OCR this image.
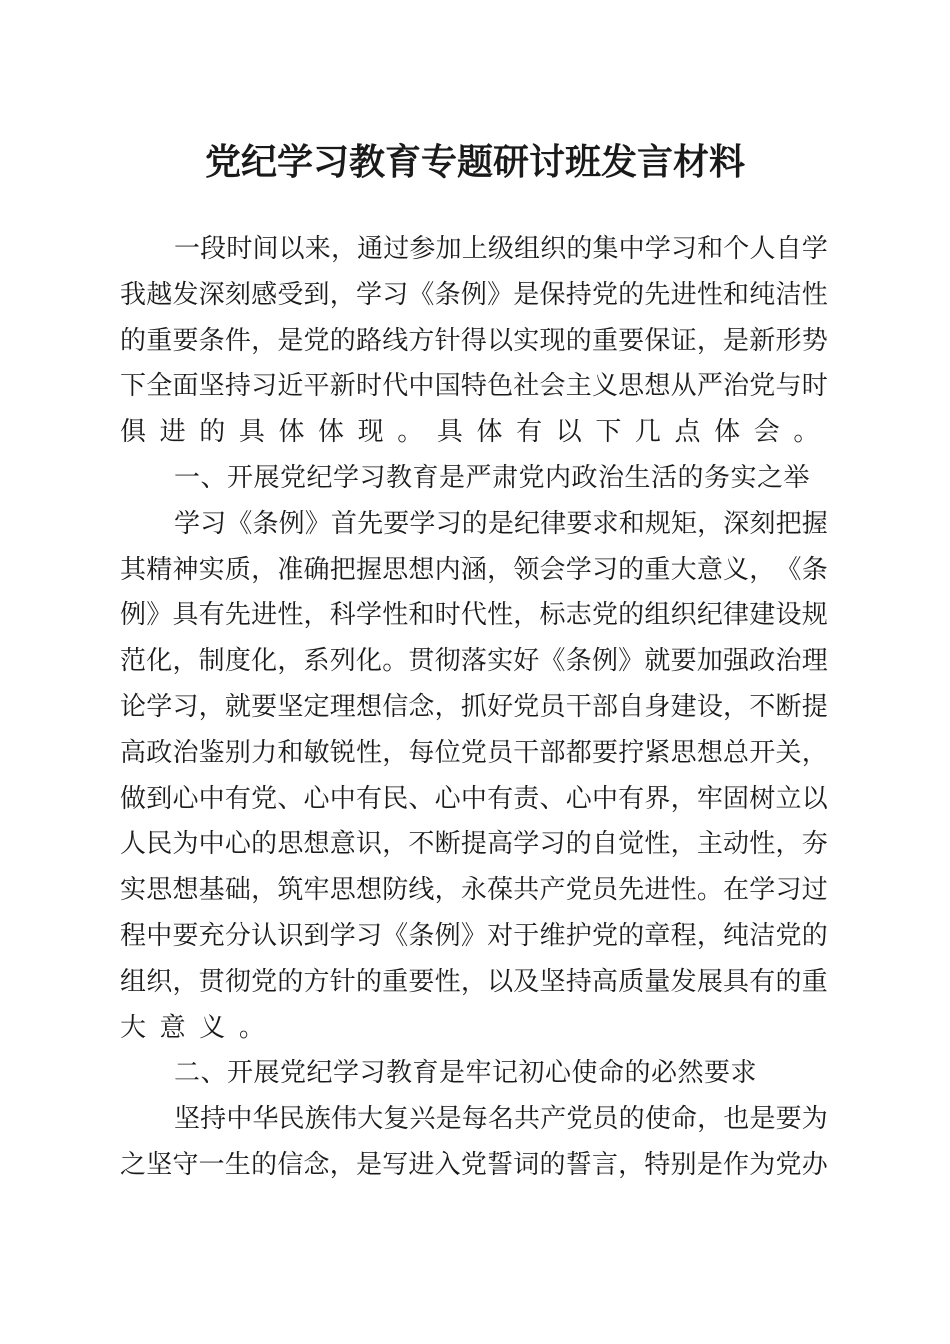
党纪学习教育专题研讨班发言材料
一 段 时 间 以 来 ， 通 过 参 加 上 级 组 织 的 集 中 学 习 和 个 人 自 学
我 越 发 深 刻 感 受 到 ， 学 习 《 条 例 》 是 保 持 党 的 先 进 性 和 纯 洁 性
的 重 要 条 件 ， 是 党 的 路 线 方 针 得 以 实 现 的 重 要 保 证 ， 是 新 形 势
下 全 面 坚 持 习 近 平 新 时 代 中 国 特 色 社 会 主 义 思 想 从 严 治 党 与 时
俱 进 的 具 体 体 现 。 具 体 有 以 下 几 点 体 会 。
一、开展党纪学习教育是严肃党内政治生活的务实之举
学 习 《 条 例 》 首 先 要 学 习 的 是 纪 律 要 求 和 规 矩 ， 深 刻 把 握
其 精 神 实 质 ， 准 确 把 握 思 想 内 涵 ， 领 会 学 习 的 重 大 意 义 ， 《 条
例 》 具 有 先 进 性 ， 科 学 性 和 时 代 性 ， 标 志 党 的 组 织 纪 律 建 设 规
范 化 ， 制 度 化 ， 系 列 化 。 贯 彻 落 实 好 《 条 例 》 就 要 加 强 政 治 理
论 学 习 ， 就 要 坚 定 理 想 信 念 ， 抓 好 党 员 干 部 自 身 建 设 ， 不 断 提
高 政 治 鉴 别 力 和 敏 锐 性 ， 每 位 党 员 干 部 都 要 拧 紧 思 想 总 开 关 ，
做 到 心 中 有 党 、 心 中 有 民 、 心 中 有 责 、 心 中 有 界 ， 牢 固 树 立 以
人 民 为 中 心 的 思 想 意 识 ， 不 断 提 高 学 习 的 自 觉 性 ， 主 动 性 ， 夯
实 思 想 基 础 ， 筑 牢 思 想 防 线 ， 永 葆 共 产 党 员 先 进 性 。 在 学 习 过
程 中 要 充 分 认 识 到 学 习 《 条 例 》 对 于 维 护 党 的 章 程 ， 纯 洁 党 的
组 织 ， 贯 彻 党 的 方 针 的 重 要 性 ， 以 及 坚 持 高 质 量 发 展 具 有 的 重
大 意 义 。
二、开展党纪学习教育是牢记初心使命的必然要求
坚 持 中 华 民 族 伟 大 复 兴 是 每 名 共 产 党 员 的 使 命 ， 也 是 要 为
之 坚 守 一 生 的 信 念 ， 是 写 进 入 党 誓 词 的 誓 言 ， 特 别 是 作 为 党 办
